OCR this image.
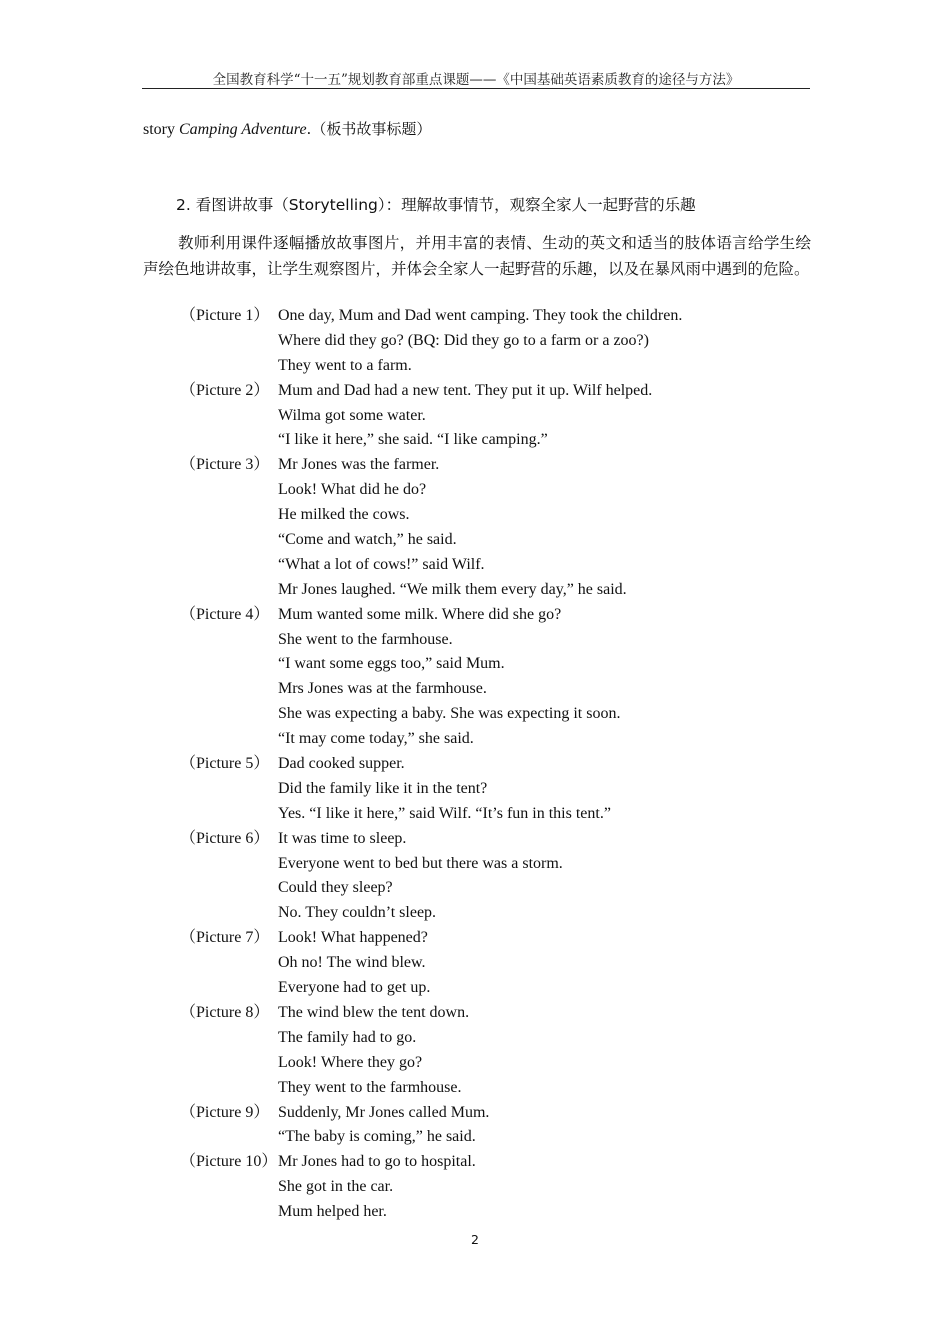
全国教育科学“十一五”规划教育部重点课题——《中国基础英语素质教育的途径与方法》
story Camping Adventure.（板书故事标题）
2. 看图讲故事（Storytelling）：理解故事情节，观察全家人一起野营的乐趣
教师利用课件逐幅播放故事图片，并用丰富的表情、生动的英文和适当的肢体语言给学生绘声绘色地讲故事，让学生观察图片，并体会全家人一起野营的乐趣，以及在暴风雨中遇到的危险。
（Picture 1） One day, Mum and Dad went camping. They took the children.
Where did they go? (BQ: Did they go to a farm or a zoo?)
They went to a farm.
（Picture 2） Mum and Dad had a new tent. They put it up. Wilf helped.
Wilma got some water.
“I like it here,” she said. “I like camping.”
（Picture 3） Mr Jones was the farmer.
Look! What did he do?
He milked the cows.
“Come and watch,” he said.
“What a lot of cows!” said Wilf.
Mr Jones laughed. “We milk them every day,” he said.
（Picture 4） Mum wanted some milk. Where did she go?
She went to the farmhouse.
“I want some eggs too,” said Mum.
Mrs Jones was at the farmhouse.
She was expecting a baby. She was expecting it soon.
“It may come today,” she said.
（Picture 5） Dad cooked supper.
Did the family like it in the tent?
Yes. “I like it here,” said Wilf. “It’s fun in this tent.”
（Picture 6） It was time to sleep.
Everyone went to bed but there was a storm.
Could they sleep?
No. They couldn’t sleep.
（Picture 7） Look! What happened?
Oh no! The wind blew.
Everyone had to get up.
（Picture 8） The wind blew the tent down.
The family had to go.
Look! Where they go?
They went to the farmhouse.
（Picture 9） Suddenly, Mr Jones called Mum.
“The baby is coming,” he said.
（Picture 10） Mr Jones had to go to hospital.
She got in the car.
Mum helped her.
2
